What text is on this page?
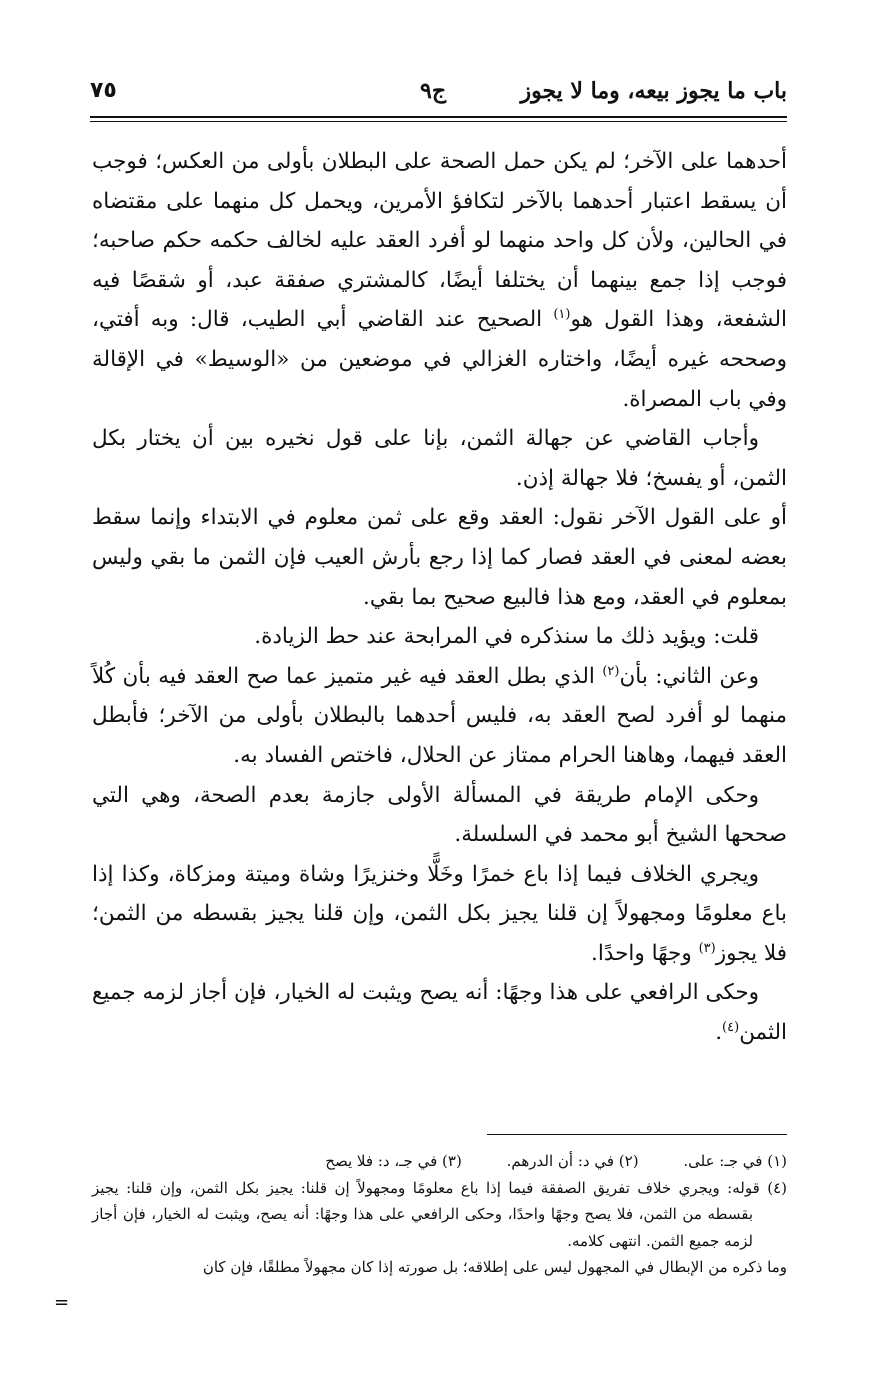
باب ما يجوز بيعه، وما لا يجوز
ج۹
٧٥

أحدهما على الآخر؛ لم يكن حمل الصحة على البطلان بأولى من العكس؛ فوجب أن يسقط اعتبار أحدهما بالآخر لتكافؤ الأمرين، ويحمل كل منهما على مقتضاه في الحالين، ولأن كل واحد منهما لو أفرد العقد عليه لخالف حكمه حكم صاحبه؛ فوجب إذا جمع بينهما أن يختلفا أيضًا، كالمشتري صفقة عبد، أو شقصًا فيه الشفعة، وهذا القول هو$^{(١)}$ الصحيح عند القاضي أبي الطيب، قال: وبه أفتي، وصححه غيره أيضًا، واختاره الغزالي في موضعين من «الوسيط» في الإقالة وفي باب المصراة.

وأجاب القاضي عن جهالة الثمن، بإنا على قول نخيره بين أن يختار بكل الثمن، أو يفسخ؛ فلا جهالة إذن.

أو على القول الآخر نقول: العقد وقع على ثمن معلوم في الابتداء وإنما سقط بعضه لمعنى في العقد فصار كما إذا رجع بأرش العيب فإن الثمن ما بقي وليس بمعلوم في العقد، ومع هذا فالبيع صحيح بما بقي.

قلت: ويؤيد ذلك ما سنذكره في المرابحة عند حط الزيادة.

وعن الثاني: بأن$^{(٢)}$ الذي بطل العقد فيه غير متميز عما صح العقد فيه بأن كُلاً منهما لو أفرد لصح العقد به، فليس أحدهما بالبطلان بأولى من الآخر؛ فأبطل العقد فيهما، وهاهنا الحرام ممتاز عن الحلال، فاختص الفساد به.

وحكى الإمام طريقة في المسألة الأولى جازمة بعدم الصحة، وهي التي صححها الشيخ أبو محمد في السلسلة.

ويجري الخلاف فيما إذا باع خمرًا وخَلًّا وخنزيرًا وشاة وميتة ومزكاة، وكذا إذا باع معلومًا ومجهولاً إن قلنا يجيز بكل الثمن، وإن قلنا يجيز بقسطه من الثمن؛ فلا يجوز$^{(٣)}$ وجهًا واحدًا.

وحكى الرافعي على هذا وجهًا: أنه يصح ويثبت له الخيار، فإن أجاز لزمه جميع الثمن$^{(٤)}$.

(١) في جـ: على. (٢) في د: أن الدرهم. (٣) في جـ، د: فلا يصح

(٤) قوله: ويجري خلاف تفريق الصفقة فيما إذا باع معلومًا ومجهولاً إن قلنا: يجيز بكل الثمن، وإن قلنا: يجيز بقسطه من الثمن، فلا يصح وجهًا واحدًا، وحكى الرافعي على هذا وجهًا: أنه يصح، ويثبت له الخيار، فإن أجاز لزمه جميع الثمن. انتهى كلامه.

وما ذكره من الإبطال في المجهول ليس على إطلاقه؛ بل صورته إذا كان مجهولاً مطلقًا، فإن كان

=
